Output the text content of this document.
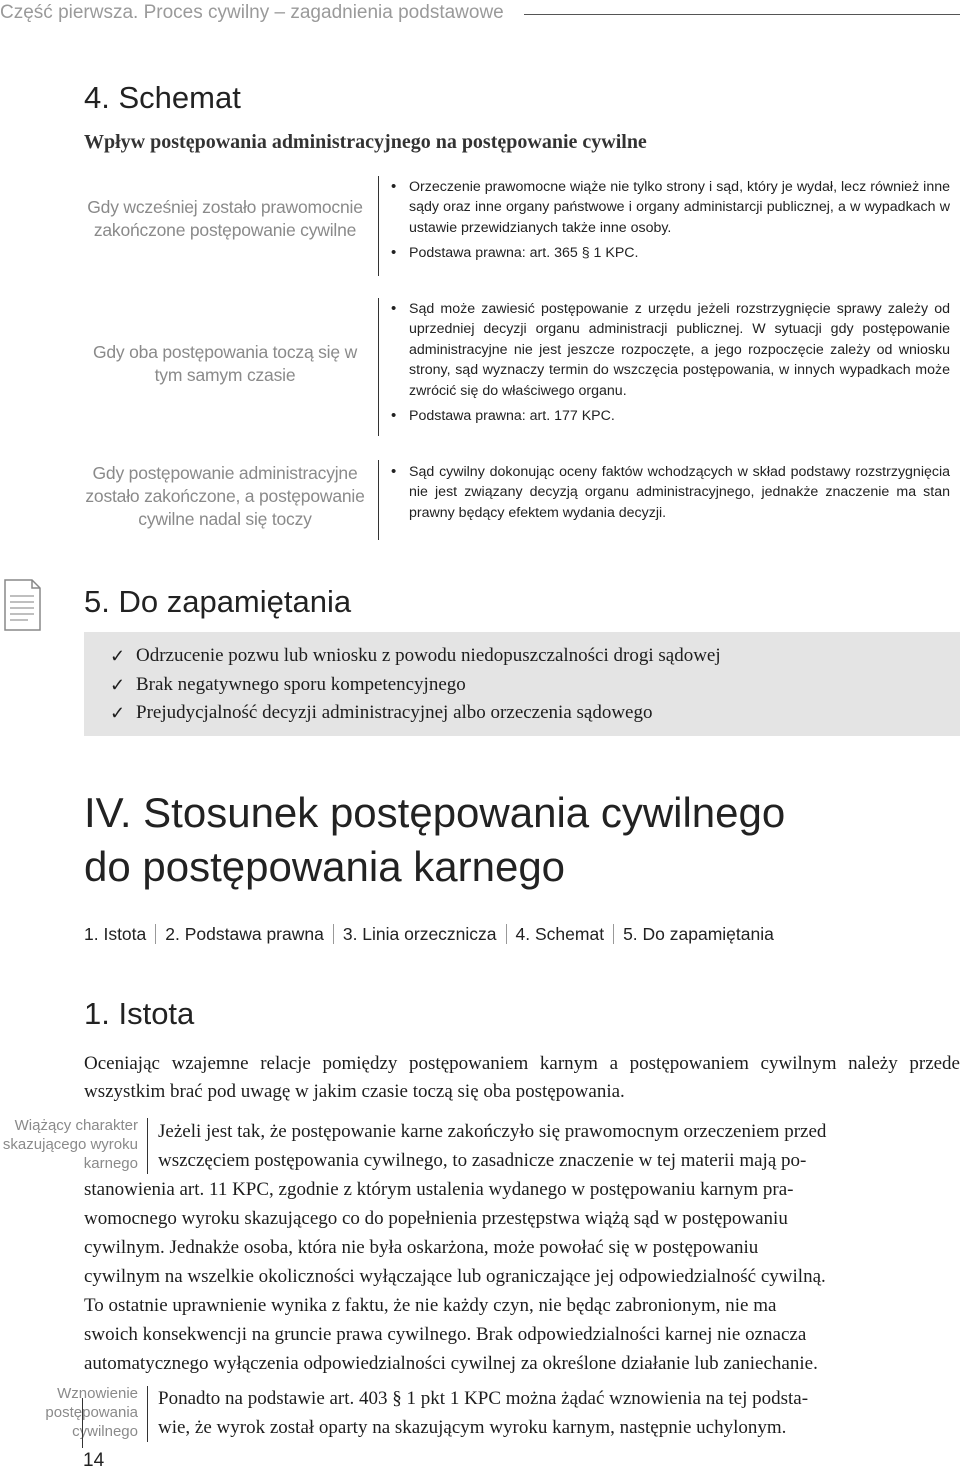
Część pierwsza. Proces cywilny – zagadnienia podstawowe
4. Schemat
Wpływ postępowania administracyjnego na postępowanie cywilne
Gdy wcześniej zostało prawomocnie zakończone postępowanie cywilne
• Orzeczenie prawomocne wiąże nie tylko strony i sąd, który je wydał, lecz również inne sądy oraz inne organy państwowe i organy administarcji publicznej, a w wypadkach w ustawie przewidzianych także inne osoby.
• Podstawa prawna: art. 365 § 1 KPC.
Gdy oba postępowania toczą się w tym samym czasie
• Sąd może zawiesić postępowanie z urzędu jeżeli rozstrzygnięcie sprawy zależy od uprzedniej decyzji organu administracji publicznej. W sytuacji gdy postępowanie administracyjne nie jest jeszcze rozpoczęte, a jego rozpoczęcie zależy od wniosku strony, sąd wyznaczy termin do wszczęcia postępowania, w innych wypadkach może zwrócić się do właściwego organu.
• Podstawa prawna: art. 177 KPC.
Gdy postępowanie administracyjne zostało zakończone, a postępowanie cywilne nadal się toczy
• Sąd cywilny dokonując oceny faktów wchodzących w skład podstawy rozstrzygnięcia nie jest związany decyzją organu administracyjnego, jednakże znaczenie ma stan prawny będący efektem wydania decyzji.
5. Do zapamiętania
✓ Odrzucenie pozwu lub wniosku z powodu niedopuszczalności drogi sądowej
✓ Brak negatywnego sporu kompetencyjnego
✓ Prejudycjalność decyzji administracyjnej albo orzeczenia sądowego
IV. Stosunek postępowania cywilnego
do postępowania karnego
1. Istota 2. Podstawa prawna 3. Linia orzecznicza 4. Schemat 5. Do zapamiętania
1. Istota

Oceniając wzajemne relacje pomiędzy postępowaniem karnym a postępowaniem cywilnym należy przede wszystkim brać pod uwagę w jakim czasie toczą się oba postępowania.

Wiążący charakter
skazującego wyroku
karnego
Jeżeli jest tak, że postępowanie karne zakończyło się prawomocnym orzeczeniem przed
wszczęciem postępowania cywilnego, to zasadnicze znaczenie w tej materii mają po-
stanowienia art. 11 KPC, zgodnie z którym ustalenia wydanego w postępowaniu karnym pra-
womocnego wyroku skazującego co do popełnienia przestępstwa wiążą sąd w postępowaniu
cywilnym. Jednakże osoba, która nie była oskarżona, może powołać się w postępowaniu
cywilnym na wszelkie okoliczności wyłączające lub ograniczające jej odpowiedzialność cywilną.
To ostatnie uprawnienie wynika z faktu, że nie każdy czyn, nie będąc zabronionym, nie ma
swoich konsekwencji na gruncie prawa cywilnego. Brak odpowiedzialności karnej nie oznacza
automatycznego wyłączenia odpowiedzialności cywilnej za określone działanie lub zaniechanie.
Wznowienie
postępowania
cywilnego
Ponadto na podstawie art. 403 § 1 pkt 1 KPC można żądać wznowienia na tej podsta-
wie, że wyrok został oparty na skazującym wyroku karnym, następnie uchylonym.
14
